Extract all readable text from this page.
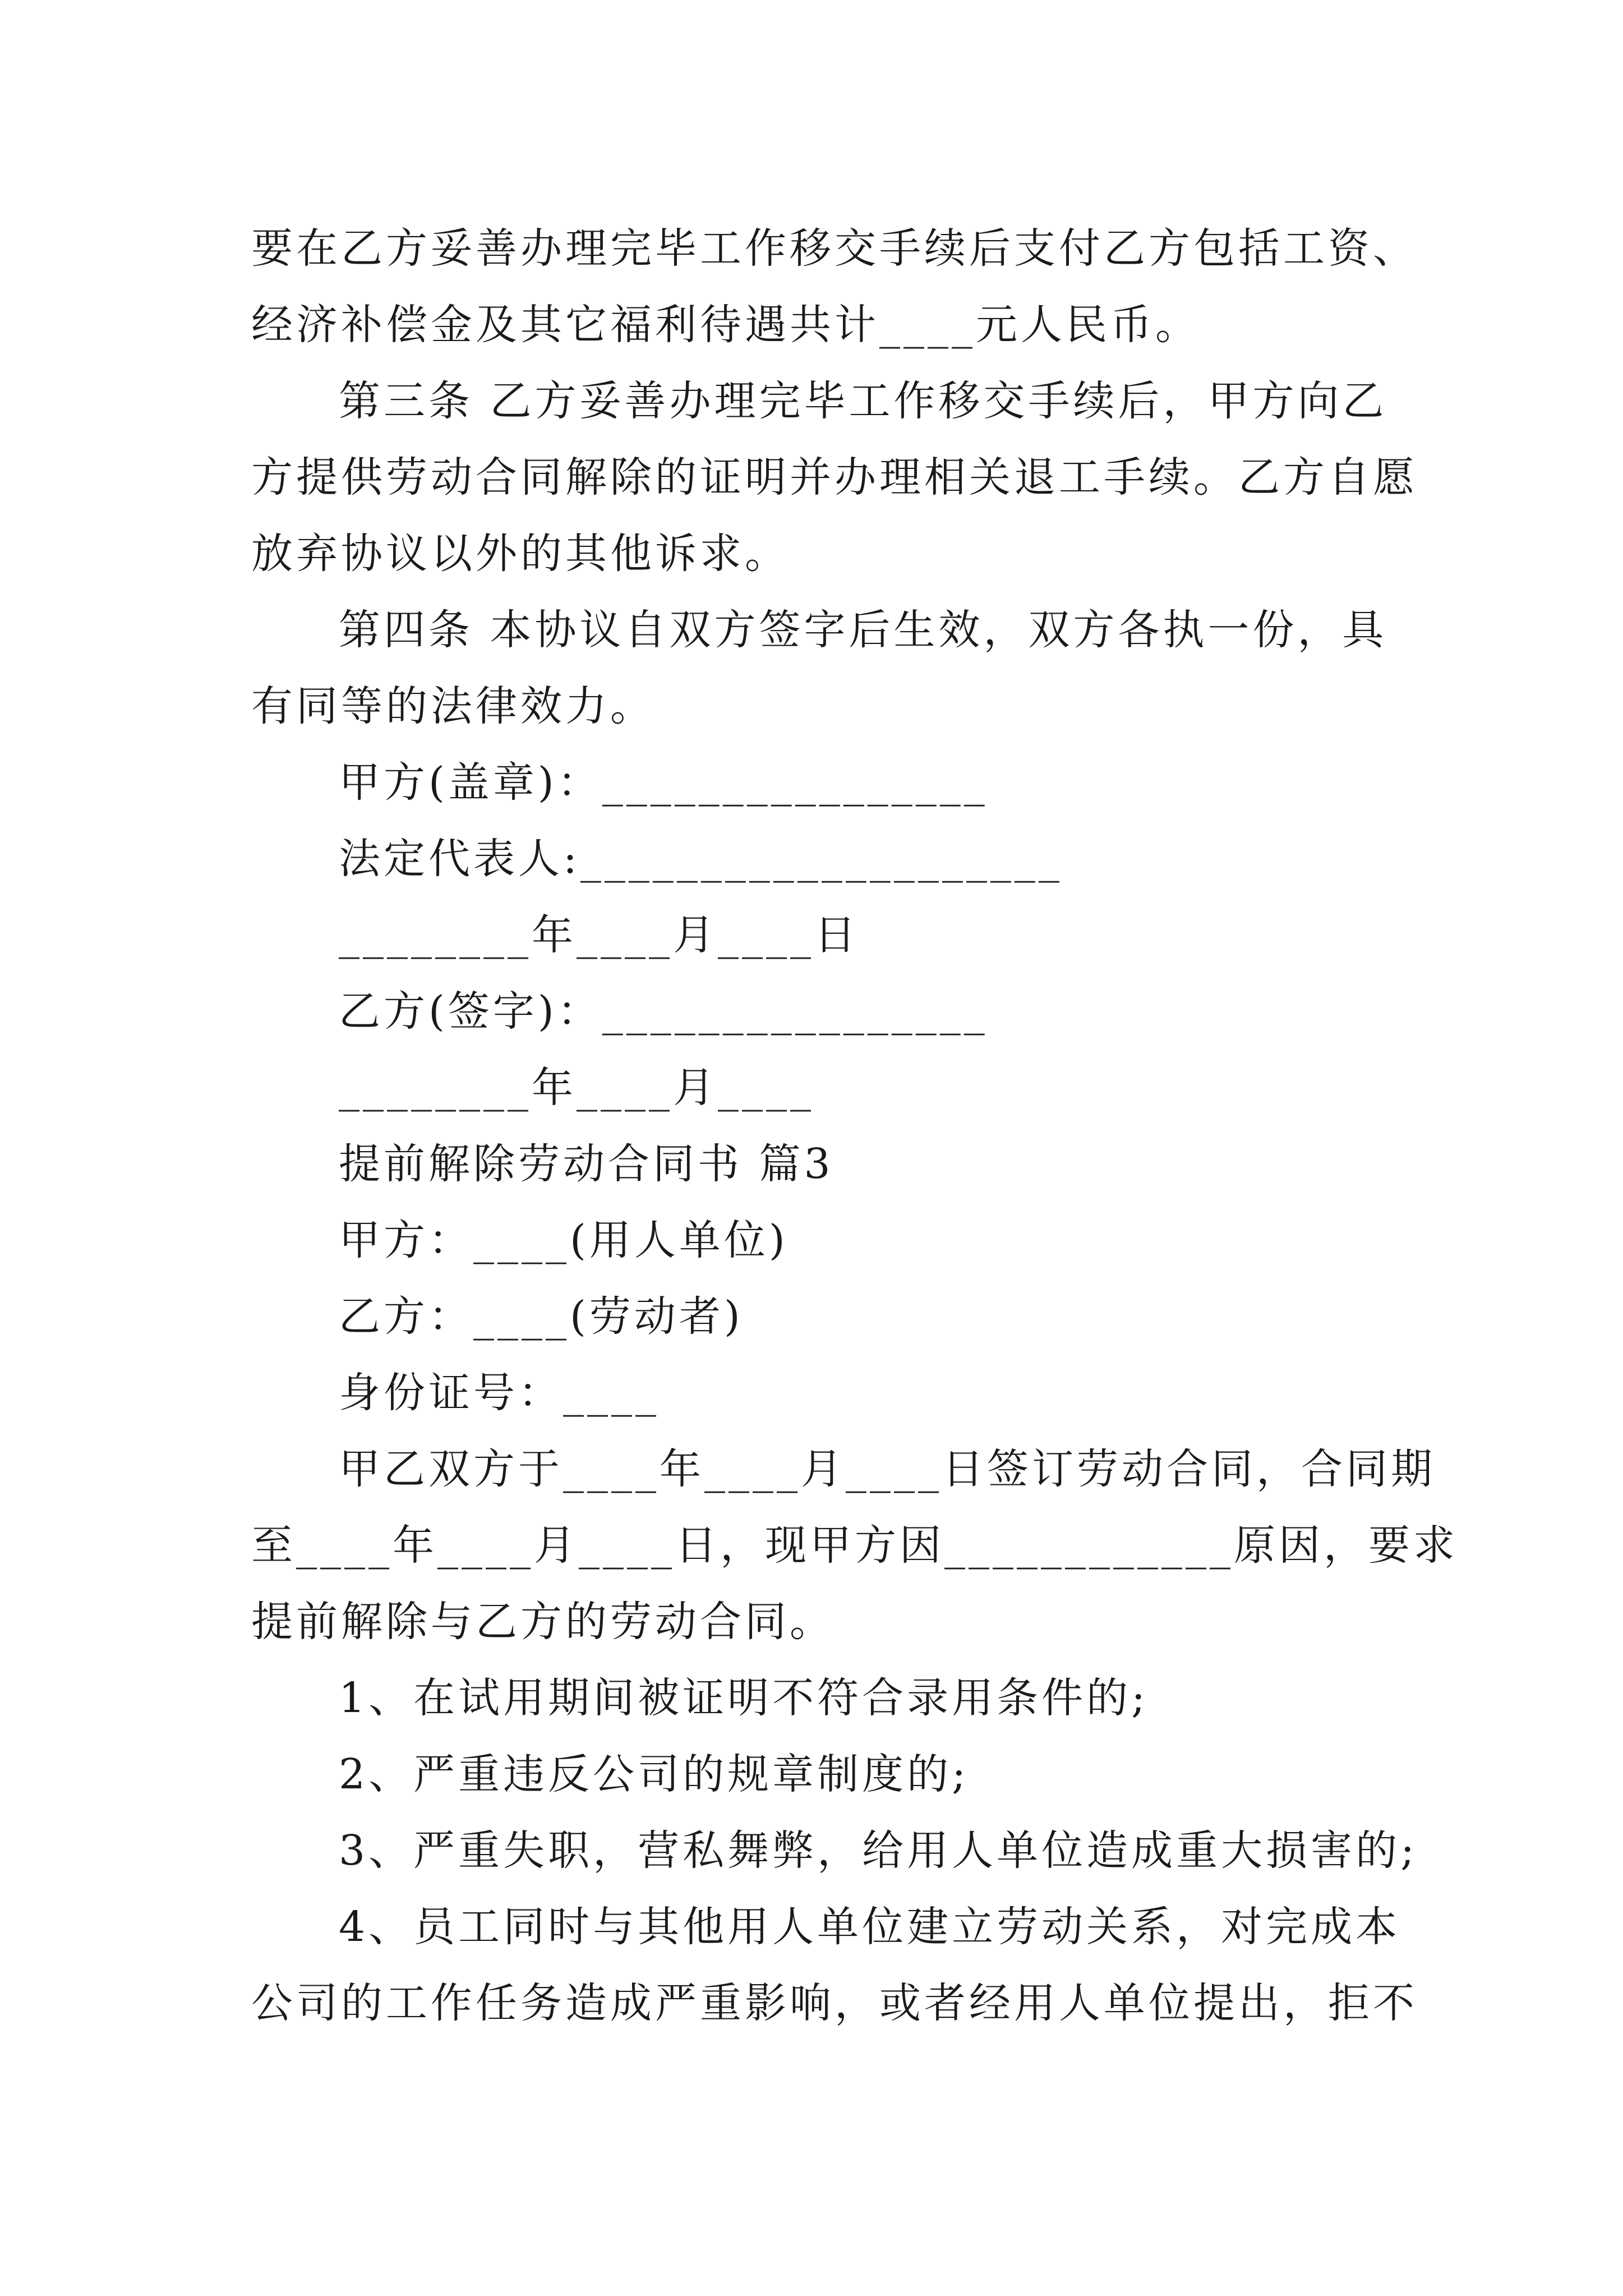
要在乙方妥善办理完毕工作移交手续后支付乙方包括工资、
经济补偿金及其它福利待遇共计____元人民币。
第三条 乙方妥善办理完毕工作移交手续后，甲方向乙
方提供劳动合同解除的证明并办理相关退工手续。乙方自愿
放弃协议以外的其他诉求。
第四条 本协议自双方签字后生效，双方各执一份，具
有同等的法律效力。
甲方(盖章)：________________
法定代表人:____________________
________年____月____日
乙方(签字)：________________
________年____月____
提前解除劳动合同书 篇3
甲方：____(用人单位)
乙方：____(劳动者)
身份证号：____
甲乙双方于____年____月____日签订劳动合同，合同期
至____年____月____日，现甲方因____________原因，要求
提前解除与乙方的劳动合同。
1、在试用期间被证明不符合录用条件的;
2、严重违反公司的规章制度的;
3、严重失职，营私舞弊，给用人单位造成重大损害的;
4、员工同时与其他用人单位建立劳动关系，对完成本
公司的工作任务造成严重影响，或者经用人单位提出，拒不
